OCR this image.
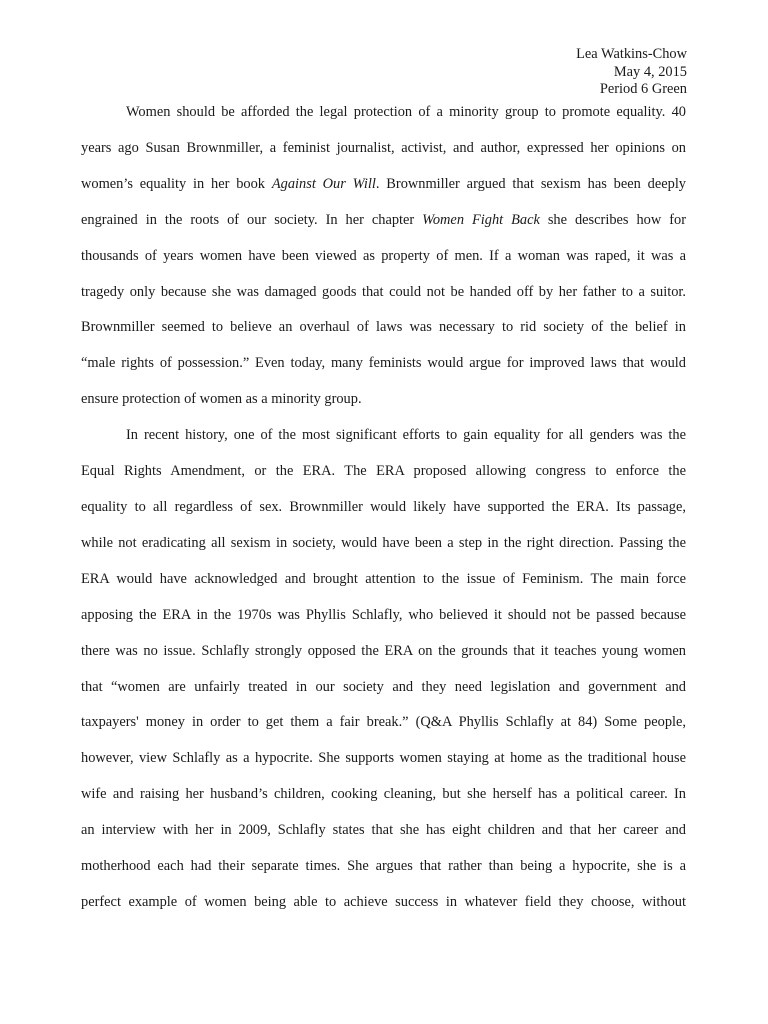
Lea Watkins-Chow
May 4, 2015
Period 6 Green
Women should be afforded the legal protection of a minority group to promote equality. 40
years ago Susan Brownmiller, a feminist journalist, activist, and author, expressed her opinions on
women’s equality in her book Against Our Will. Brownmiller argued that sexism has been deeply
engrained in the roots of our society. In her chapter Women Fight Back she describes how for
thousands of years women have been viewed as property of men. If a woman was raped, it was a
tragedy only because she was damaged goods that could not be handed off by her father to a suitor.
Brownmiller seemed to believe an overhaul of laws was necessary to rid society of the belief in
“male rights of possession.” Even today, many feminists would argue for improved laws that would
ensure protection of women as a minority group.
In recent history, one of the most significant efforts to gain equality for all genders was the
Equal Rights Amendment, or the ERA. The ERA proposed allowing congress to enforce the
equality to all regardless of sex. Brownmiller would likely have supported the ERA. Its passage,
while not eradicating all sexism in society, would have been a step in the right direction. Passing the
ERA would have acknowledged and brought attention to the issue of Feminism. The main force
apposing the ERA in the 1970s was Phyllis Schlafly, who believed it should not be passed because
there was no issue. Schlafly strongly opposed the ERA on the grounds that it teaches young women
that “women are unfairly treated in our society and they need legislation and government and
taxpayers' money in order to get them a fair break.” (Q&A Phyllis Schlafly at 84) Some people,
however, view Schlafly as a hypocrite. She supports women staying at home as the traditional house
wife and raising her husband’s children, cooking cleaning, but she herself has a political career. In
an interview with her in 2009, Schlafly states that she has eight children and that her career and
motherhood each had their separate times. She argues that rather than being a hypocrite, she is a
perfect example of women being able to achieve success in whatever field they choose, without
